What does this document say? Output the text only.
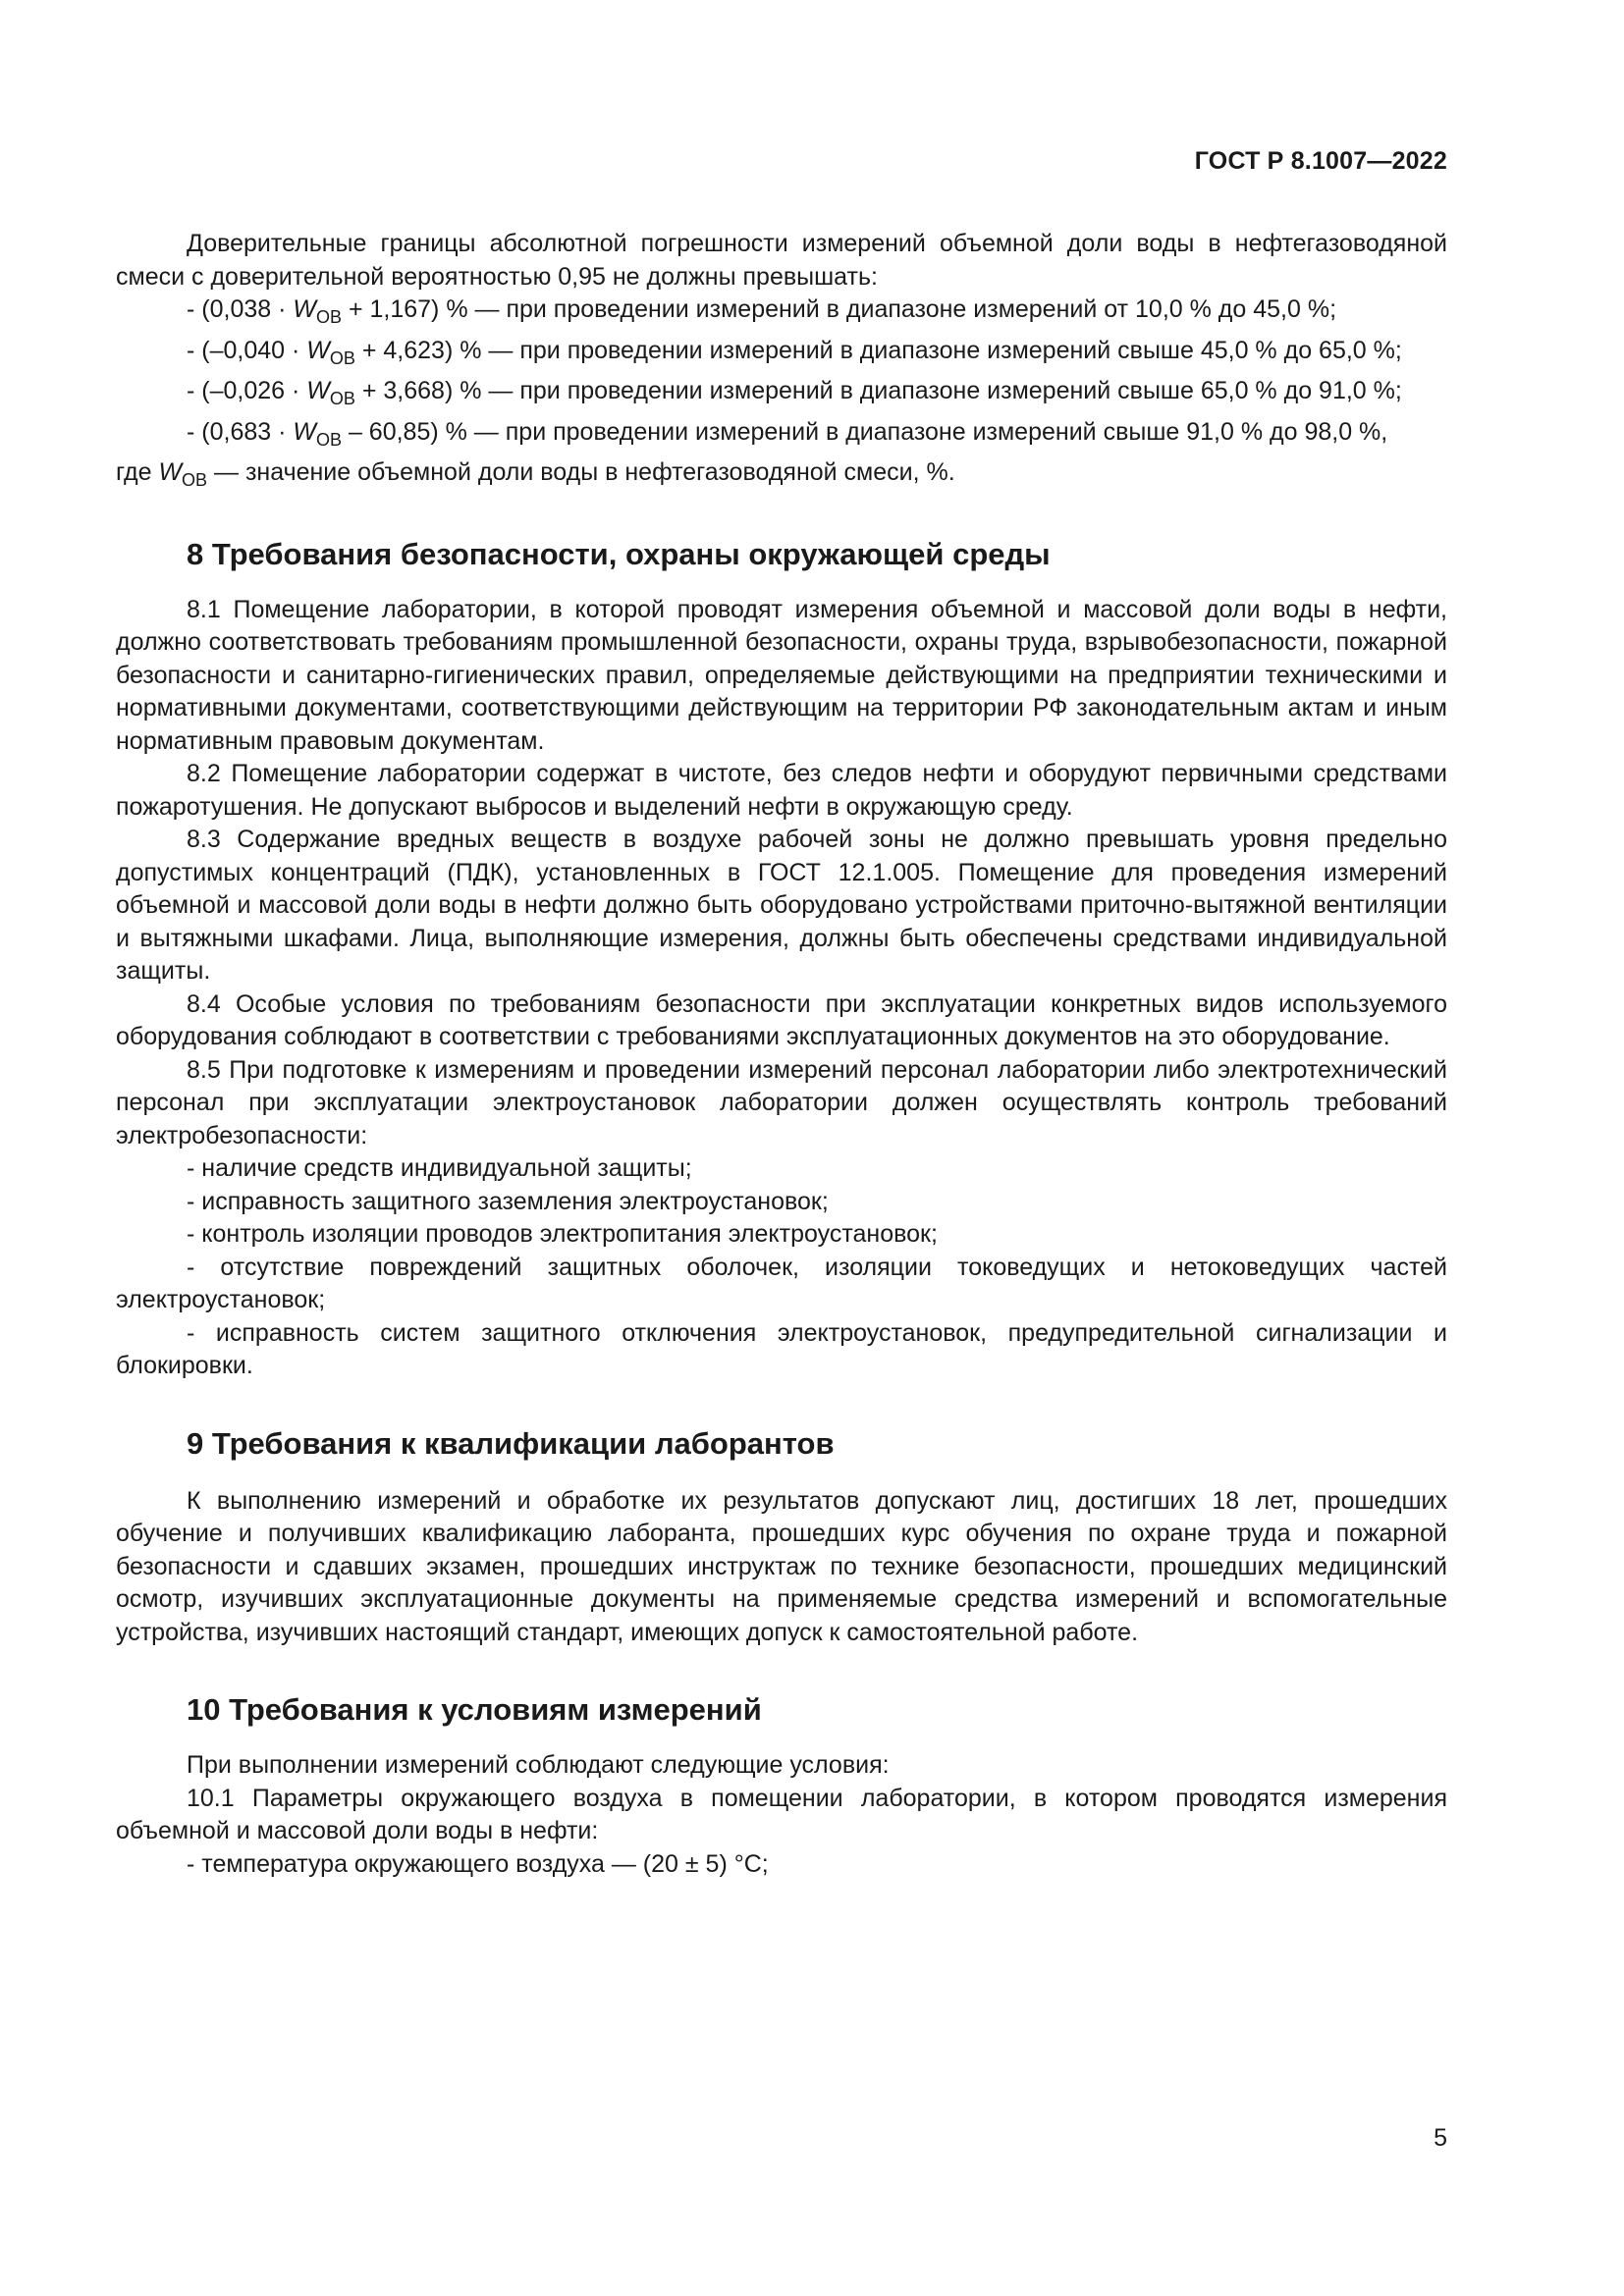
ГОСТ Р 8.1007—2022

Доверительные границы абсолютной погрешности измерений объемной доли воды в нефтегазоводяной смеси с доверительной вероятностью 0,95 не должны превышать:

- $(0,038 \cdot W_{OB} + 1,167)$ % — при проведении измерений в диапазоне измерений от 10,0 % до 45,0 %;

- $(-0,040 \cdot W_{OB} + 4,623)$ % — при проведении измерений в диапазоне измерений свыше 45,0 % до 65,0 %;

- $(-0,026 \cdot W_{OB} + 3,668)$ % — при проведении измерений в диапазоне измерений свыше 65,0 % до 91,0 %;

- $(0,683 \cdot W_{OB} - 60,85)$ % — при проведении измерений в диапазоне измерений свыше 91,0 % до 98,0 %,

где $W_{OB}$ — значение объемной доли воды в нефтегазоводяной смеси, %.

8 Требования безопасности, охраны окружающей среды

8.1 Помещение лаборатории, в которой проводят измерения объемной и массовой доли воды в нефти, должно соответствовать требованиям промышленной безопасности, охраны труда, взрывобезопасности, пожарной безопасности и санитарно-гигиенических правил, определяемые действующими на предприятии техническими и нормативными документами, соответствующими действующим на территории РФ законодательным актам и иным нормативным правовым документам.

8.2 Помещение лаборатории содержат в чистоте, без следов нефти и оборудуют первичными средствами пожаротушения. Не допускают выбросов и выделений нефти в окружающую среду.

8.3 Содержание вредных веществ в воздухе рабочей зоны не должно превышать уровня предельно допустимых концентраций (ПДК), установленных в ГОСТ 12.1.005. Помещение для проведения измерений объемной и массовой доли воды в нефти должно быть оборудовано устройствами приточно-вытяжной вентиляции и вытяжными шкафами. Лица, выполняющие измерения, должны быть обеспечены средствами индивидуальной защиты.

8.4 Особые условия по требованиям безопасности при эксплуатации конкретных видов используемого оборудования соблюдают в соответствии с требованиями эксплуатационных документов на это оборудование.

8.5 При подготовке к измерениям и проведении измерений персонал лаборатории либо электротехнический персонал при эксплуатации электроустановок лаборатории должен осуществлять контроль требований электробезопасности:

- наличие средств индивидуальной защиты;

- исправность защитного заземления электроустановок;

- контроль изоляции проводов электропитания электроустановок;

- отсутствие повреждений защитных оболочек, изоляции токоведущих и нетоковедущих частей электроустановок;

- исправность систем защитного отключения электроустановок, предупредительной сигнализации и блокировки.

9 Требования к квалификации лаборантов

К выполнению измерений и обработке их результатов допускают лиц, достигших 18 лет, прошедших обучение и получивших квалификацию лаборанта, прошедших курс обучения по охране труда и пожарной безопасности и сдавших экзамен, прошедших инструктаж по технике безопасности, прошедших медицинский осмотр, изучивших эксплуатационные документы на применяемые средства измерений и вспомогательные устройства, изучивших настоящий стандарт, имеющих допуск к самостоятельной работе.

10 Требования к условиям измерений

При выполнении измерений соблюдают следующие условия:

10.1 Параметры окружающего воздуха в помещении лаборатории, в котором проводятся измерения объемной и массовой доли воды в нефти:

- температура окружающего воздуха — (20 ± 5) °С;

5
